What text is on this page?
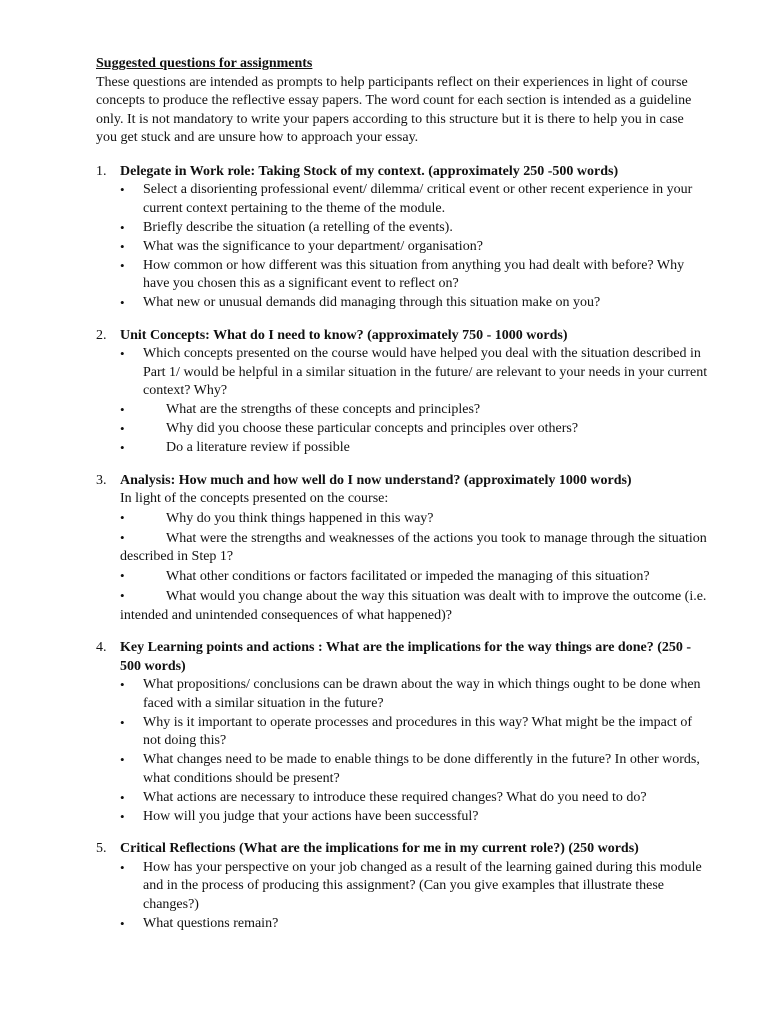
Suggested questions for assignments

These questions are intended as prompts to help participants reflect on their experiences in light of course concepts to produce the reflective essay papers. The word count for each section is intended as a guideline only. It is not mandatory to write your papers according to this structure but it is there to help you in case you get stuck and are unsure how to approach your essay.

1. Delegate in Work role: Taking Stock of my context. (approximately 250 -500 words)
•	Select a disorienting professional event/ dilemma/ critical event or other recent experience in your current context pertaining to the theme of the module.
•	Briefly describe the situation (a retelling of the events).
•	What was the significance to your department/ organisation?
•	How common or how different was this situation from anything you had dealt with before? Why have you chosen this as a significant event to reflect on?
•	What new or unusual demands did managing through this situation make on you?
2. Unit Concepts: What do I need to know? (approximately 750 - 1000 words)
•	Which concepts presented on the course would have helped you deal with the situation described in Part 1/ would be helpful in a similar situation in the future/ are relevant to your needs in your current context? Why?
•	What are the strengths of these concepts and principles?
•	Why did you choose these particular concepts and principles over others?
•	Do a literature review if possible
3. Analysis: How much and how well do I now understand? (approximately 1000 words)
In light of the concepts presented on the course:
•	Why do you think things happened in this way?
•	What were the strengths and weaknesses of the actions you took to manage through the situation described in Step 1?
•	What other conditions or factors facilitated or impeded the managing of this situation?
•	What would you change about the way this situation was dealt with to improve the outcome (i.e. intended and unintended consequences of what happened)?
4. Key Learning points and actions : What are the implications for the way things are done? (250 - 500 words)
•	What propositions/ conclusions can be drawn about the way in which things ought to be done when faced with a similar situation in the future?
•	Why is it important to operate processes and procedures in this way? What might be the impact of not doing this?
•	What changes need to be made to enable things to be done differently in the future? In other words, what conditions should be present?
•	What actions are necessary to introduce these required changes? What do you need to do?
•	How will you judge that your actions have been successful?
5. Critical Reflections (What are the implications for me in my current role?) (250 words)
•	How has your perspective on your job changed as a result of the learning gained during this module and in the process of producing this assignment? (Can you give examples that illustrate these changes?)
•	What questions remain?
